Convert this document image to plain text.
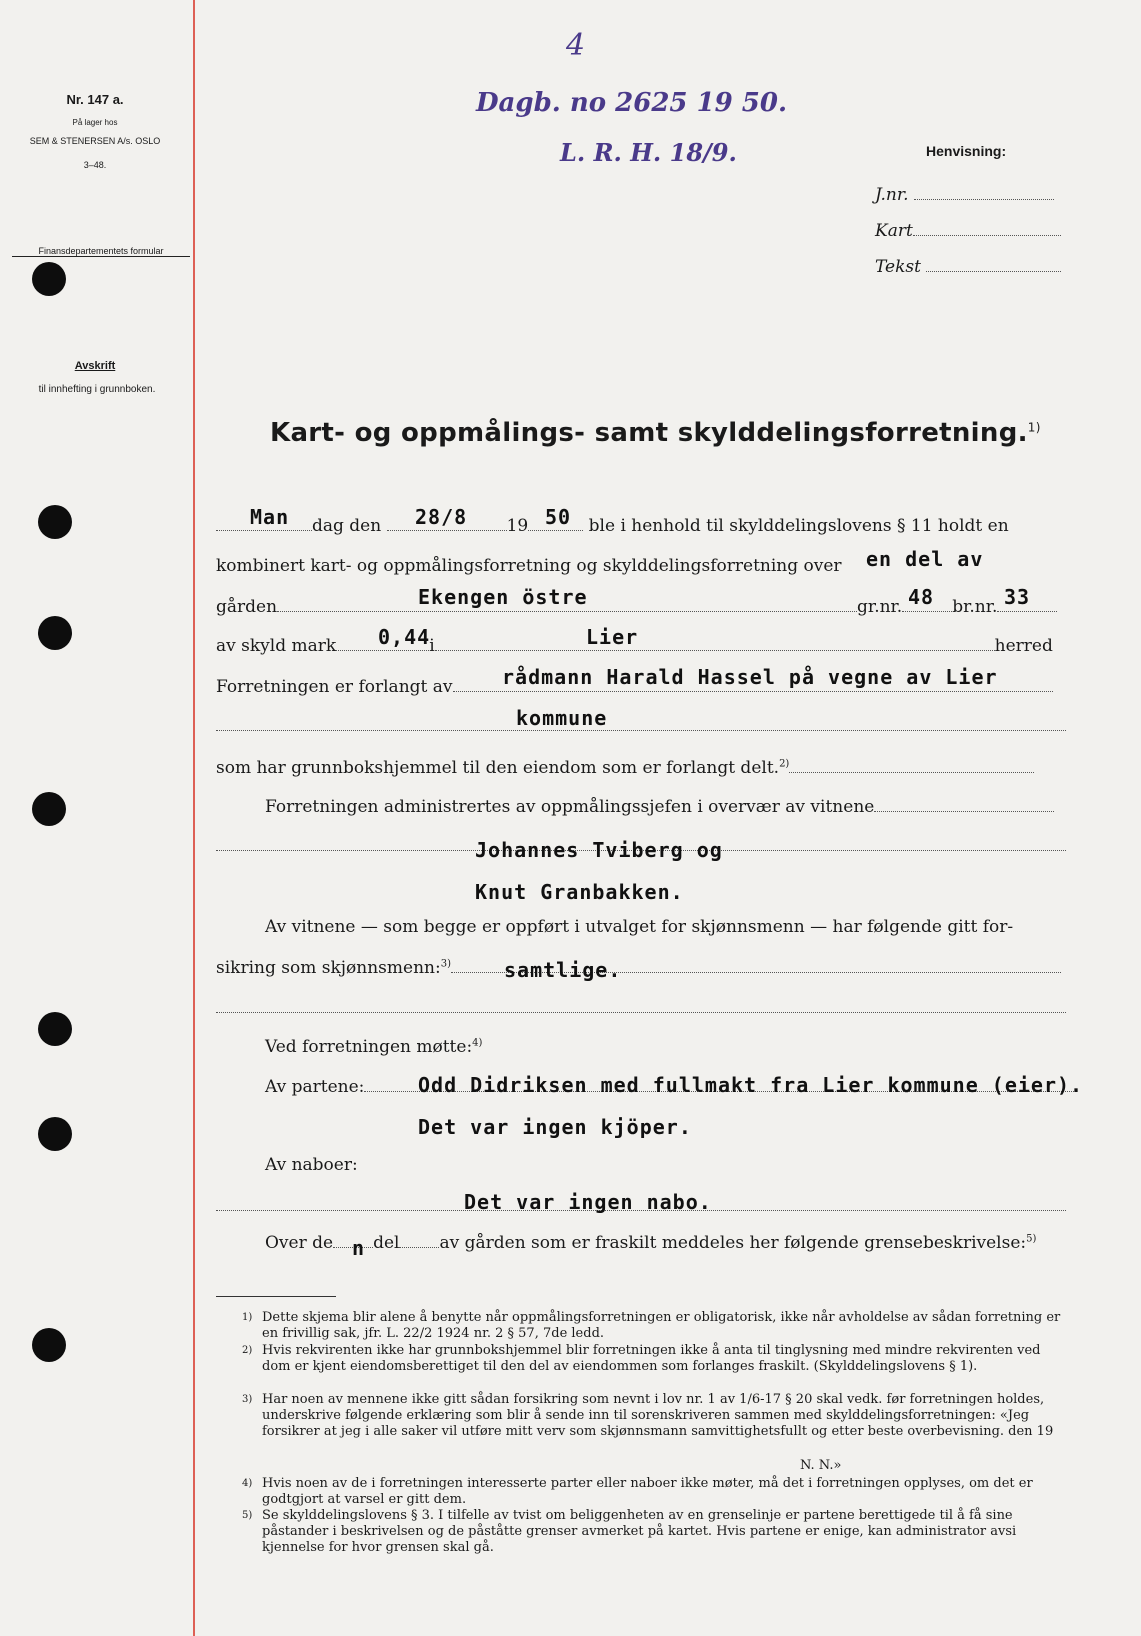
Nr. 147 a.
På lager hos
SEM & STENERSEN A/s. OSLO
3–48.
Finansdepartementets formular
Avskrift
til innhefting i grunnboken.
4
Dagb. no 2625 19 50.
L. R. H. 18/9.	Henvisning:
J.nr.
Kart
Tekst
Kart- og oppmålings- samt skylddelingsforretning.$^{1)}$
Man	dag den	19	ble i henhold til skylddelingslovens § 11 holdt en
28/8	50
kombinert kart- og oppmålingsforretning og skylddelingsforretning over en del av
gården	gr.nr.	br.nr.
Ekengen östre	48	33
av skyld mark	i	herred
0,44	Lier
Forretningen er forlangt av	rådmann Harald Hassel på vegne av Lier
kommune
som har grunnbokshjemmel til den eiendom som er forlangt delt.$^{2)}$
Forretningen administrertes av oppmålingssjefen i overvær av vitnene
Johannes Tviberg og
Knut Granbakken.
Av vitnene — som begge er oppført i utvalget for skjønnsmenn — har følgende gitt for-
sikring som skjønnsmenn:$^{3)}$	samtlige.
Ved forretningen møtte:$^{4)}$
Av partene:	Odd Didriksen med fullmakt fra Lier kommune (eier).
Det var ingen kjöper.
Av naboer:
Det var ingen nabo.
Over de del av gården som er fraskilt meddeles her følgende grensebeskrivelse:$^{5)}$
n
1) Dette skjema blir alene å benytte når oppmålingsforretningen er obligatorisk, ikke når avholdelse av sådan forretning er en frivillig sak, jfr. L. 22/2 1924 nr. 2 § 57, 7de ledd.
2) Hvis rekvirenten ikke har grunnbokshjemmel blir forretningen ikke å anta til tinglysning med mindre rekvirenten ved dom er kjent eiendomsberettiget til den del av eiendommen som forlanges fraskilt. (Skylddelingslovens § 1).
3) Har noen av mennene ikke gitt sådan forsikring som nevnt i lov nr. 1 av 1/6-17 § 20 skal vedk. før forretningen holdes, underskrive følgende erklæring som blir å sende inn til sorenskriveren sammen med skylddelingsforretningen: «Jeg forsikrer at jeg i alle saker vil utføre mitt verv som skjønnsmann samvittighetsfullt og etter beste overbevisning. den 19
N. N.»
4) Hvis noen av de i forretningen interesserte parter eller naboer ikke møter, må det i forretningen opplyses, om det er godtgjort at varsel er gitt dem.
5) Se skylddelingslovens § 3. I tilfelle av tvist om beliggenheten av en grenselinje er partene berettigede til å få sine påstander i beskrivelsen og de påståtte grenser avmerket på kartet. Hvis partene er enige, kan administrator avsi kjennelse for hvor grensen skal gå.
